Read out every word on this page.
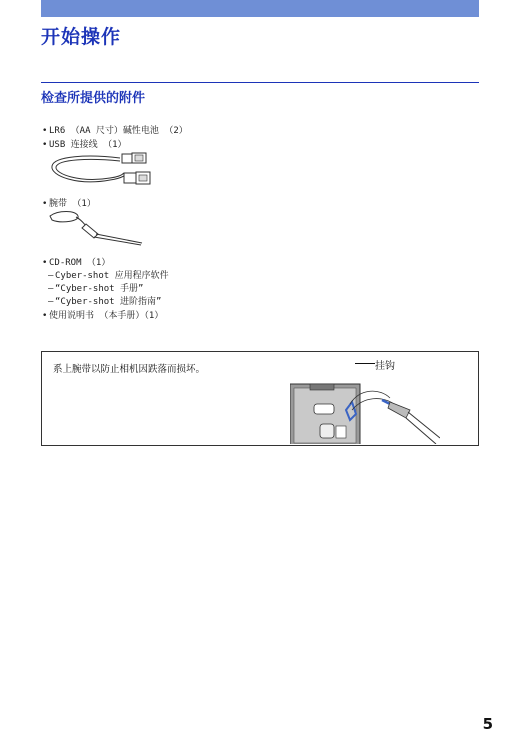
开始操作
检查所提供的附件
• LR6 （AA 尺寸）碱性电池 （2）
• USB 连接线 （1）
• 腕带 （1）
• CD-ROM （1）
– Cyber-shot 应用程序软件
– “Cyber-shot 手册”
– “Cyber-shot 进阶指南”
• 使用说明书 （本手册）（1）
系上腕带以防止相机因跌落而损坏。	挂钩
5
